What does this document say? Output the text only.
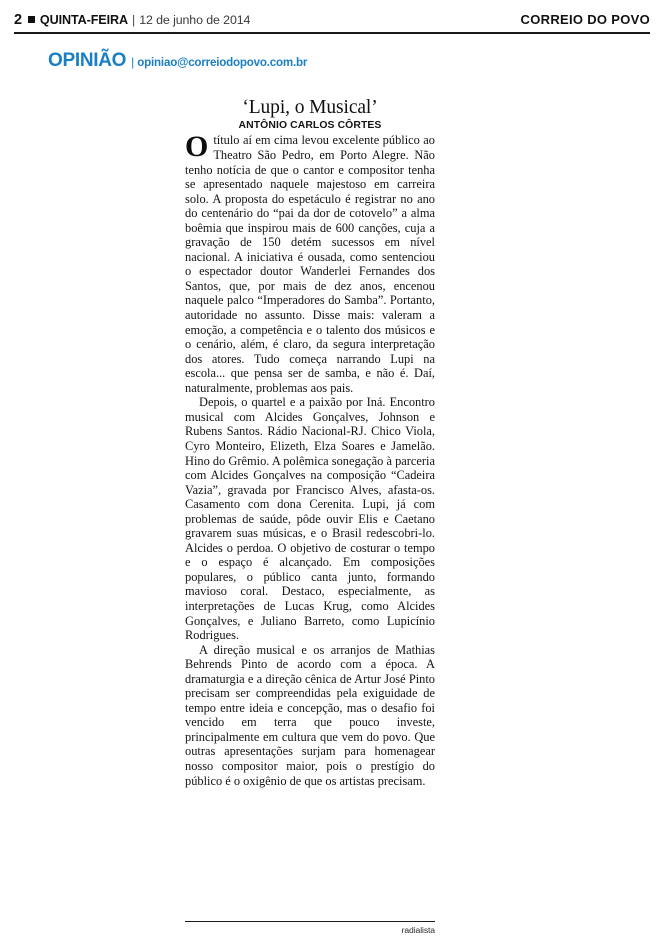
2 QUINTA-FEIRA | 12 de junho de 2014	CORREIO DO POVO
OPINIÃO | opiniao@correiodopovo.com.br
‘Lupi, o Musical’
ANTÔNIO CARLOS CÔRTES

Otítulo aí em cima levou excelente público ao Theatro São Pedro, em Porto Alegre. Não tenho notícia de que o cantor e compositor tenha se apresentado naquele majestoso em carreira solo. A proposta do espetáculo é registrar no ano do centenário do “pai da dor de cotovelo” a alma boêmia que inspirou mais de 600 canções, cuja a gravação de 150 detém sucessos em nível nacional. A iniciativa é ousada, como sentenciou o espectador doutor Wanderlei Fernandes dos Santos, que, por mais de dez anos, encenou naquele palco “Imperadores do Samba”. Portanto, autoridade no assunto. Disse mais: valeram a emoção, a competência e o talento dos músicos e o cenário, além, é claro, da segura interpretação dos atores. Tudo começa narrando Lupi na escola... que pensa ser de samba, e não é. Daí, naturalmente, problemas aos pais.

Depois, o quartel e a paixão por Iná. Encontro musical com Alcides Gonçalves, Johnson e Rubens Santos. Rádio Nacional-RJ. Chico Viola, Cyro Monteiro, Elizeth, Elza Soares e Jamelão. Hino do Grêmio. A polêmica sonegação à parceria com Alcides Gonçalves na composição “Cadeira Vazia”, gravada por Francisco Alves, afasta-os. Casamento com dona Cerenita. Lupi, já com problemas de saúde, pôde ouvir Elis e Caetano gravarem suas músicas, e o Brasil redescobri-lo. Alcides o perdoa. O objetivo de costurar o tempo e o espaço é alcançado. Em composições populares, o público canta junto, formando mavioso coral. Destaco, especialmente, as interpretações de Lucas Krug, como Alcides Gonçalves, e Juliano Barreto, como Lupicínio Rodrigues.

A direção musical e os arranjos de Mathias Behrends Pinto de acordo com a época. A dramaturgia e a direção cênica de Artur José Pinto precisam ser compreendidas pela exiguidade de tempo entre ideia e concepção, mas o desafio foi vencido em terra que pouco investe, principalmente em cultura que vem do povo. Que outras apresentações surjam para homenagear nosso compositor maior, pois o prestígio do público é o oxigênio de que os artistas precisam.

radialista
